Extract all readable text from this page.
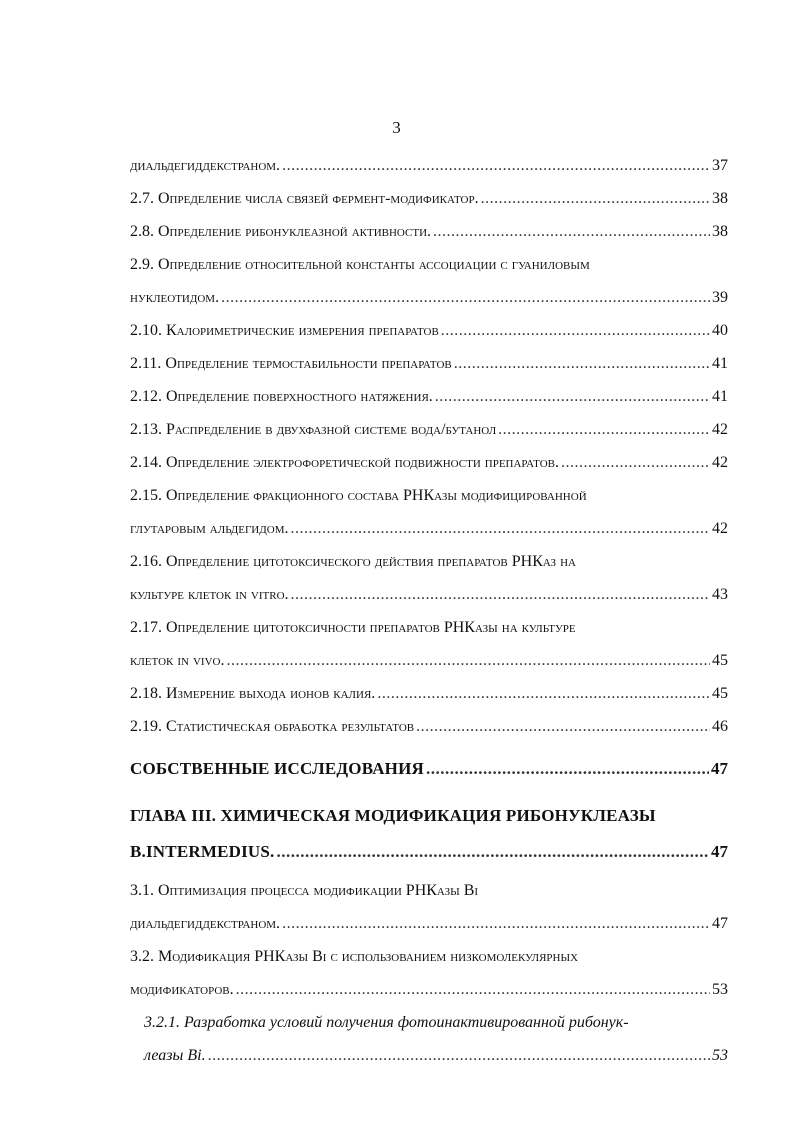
3
диальдегиддекстраном. .....	37
2.7. Определение числа связей фермент-модификатор. .....	38
2.8. Определение рибонуклеазной активности. .....	38
2.9. Определение относительной константы ассоциации с гуаниловым
нуклеотидом. .....	39
2.10. Калориметрические измерения препаратов .....	40
2.11. Определение термостабильности препаратов .....	41
2.12. Определение поверхностного натяжения. .....	41
2.13. Распределение в двухфазной системе вода/бутанол .....	42
2.14. Определение электрофоретической подвижности препаратов. .....	42
2.15. Определение фракционного состава РНКазы модифицированной
глутаровым альдегидом. .....	42
2.16. Определение цитотоксического действия препаратов РНКаз на
культуре клеток in vitro. .....	43
2.17. Определение цитотоксичности препаратов РНКазы на культуре
клеток in vivo. .....	45
2.18. Измерение выхода ионов калия. .....	45
2.19. Статистическая обработка результатов .....	46
СОБСТВЕННЫЕ ИССЛЕДОВАНИЯ .....	47
ГЛАВА III. ХИМИЧЕСКАЯ МОДИФИКАЦИЯ РИБОНУКЛЕАЗЫ
B.INTERMEDIUS. .....	47
3.1. Оптимизация процесса модификации РНКазы Bi
диальдегиддекстраном. .....	47
3.2. Модификация РНКазы Bi с использованием низкомолекулярных
модификаторов. .....	53
3.2.1. Разработка условий получения фотоинактивированной рибонук-
леазы Bi. .....	53
